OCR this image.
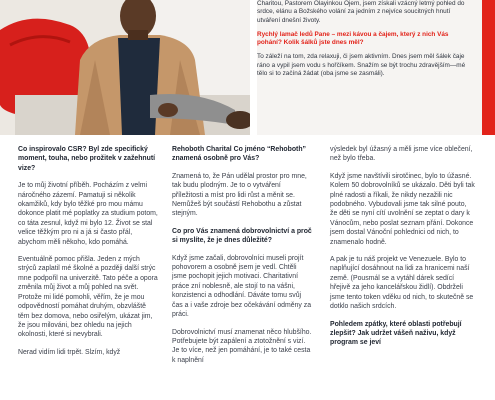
Charitou, Pastorem Olayinkou Ojem, jsem získali vzácný letmý pohled do srdce, elánu a Božského volání za jedním z nejvíce soucitných hnutí utváření dnešní životy.

Rychlý lamač ledů Pane – mezi kávou a čajem, který z nich Vás pohání? Kolik šálků jste dnes měl?

To záleží na tom, zda relaxuji, či jsem aktivním. Dnes jsem měl šálek čaje ráno a vypil jsem vodu s hořčíkem. Snažím se být trochu zdravějším—mé tělo si to začíná žádat (oba jsme se zasmáli).

Co inspirovalo CSR? Byl zde specifický moment, touha, nebo prožitek v zažehnutí vize?

Je to můj životní příběh. Pocházím z velmi náročného zázemí. Pamatuji si několik okamžiků, kdy bylo těžké pro mou mámu dokonce platit mé poplatky za studium potom, co táta zesnul, když mi bylo 12. Život se stal velice těžkým pro ni a já si často přál, abychom měli někoho, kdo pomáhá.

Eventuálně pomoc přišla. Jeden z mých strýců zaplatil mé školné a později další strýc mne podpořil na univerzitě. Tato péče a opora změnila můj život a můj pohled na svět. Protože mi lidé pomohli, věřím, že je mou odpovědností pomáhat druhým, obzvláště těm bez domova, nebo osiřelým, ukázat jim, že jsou milováni, bez ohledu na jejich okolnosti, které si nevybrali.

Nerad vidím lidi trpět. Slzím, když

Rehoboth Charital Co jméno “Rehoboth” znamená osobně pro Vás?

Znamená to, že Pán udělal prostor pro mne, tak budu plodným. Je to o vytváření příležitosti a míst pro lidi růst a měnit se. Nemůžeš být součástí Rehobothu a zůstat stejným.

Co pro Vás znamená dobrovolnictví a proč si myslíte, že je dnes důležité?

Když jsme začali, dobrovolníci museli projít pohovorem a osobně jsem je vedl. Chtěli jsme pochopit jejich motivaci. Charitativní práce zní noblesně, ale stojí to na vášni, konzistenci a odhodlání. Dáváte tomu svůj čas a i vaše zdroje bez očekávání odměny za práci.

Dobrovolnictví musí znamenat něco hlubšího. Potřebujete být zapálení a ztotožnění s vizí. Je to více, než jen pomáhání, je to také cesta k naplnění

výsledek byl úžasný a měli jsme více oblečení, než bylo třeba.

Když jsme navštívili sirotčinec, bylo to úžasné. Kolem 50 dobrovolníků se ukázalo. Děti byli tak plné radosti a říkali, že nikdy nezažili nic podobného. Vybudovali jsme tak silné pouto, že děti se nyní cítí uvolnění se zeptat o dary k Vánocům, nebo poslat seznam přání. Dokonce jsem dostal Vánoční pohlednici od nich, to znamenalo hodně.

A pak je tu náš projekt ve Venezuele. Bylo to naplňující dosáhnout na lidi za hranicemi naší země. (Pousmál se a vytáhl dárek sedící hřejivě za jeho kancelářskou židlí). Obdrželi jsme tento token vděku od nich, to skutečně se dotklo našich srdcích.

Pohledem zpátky, které oblasti potřebují zlepšit? Jak udržet vášeň naživu, když program se jeví
